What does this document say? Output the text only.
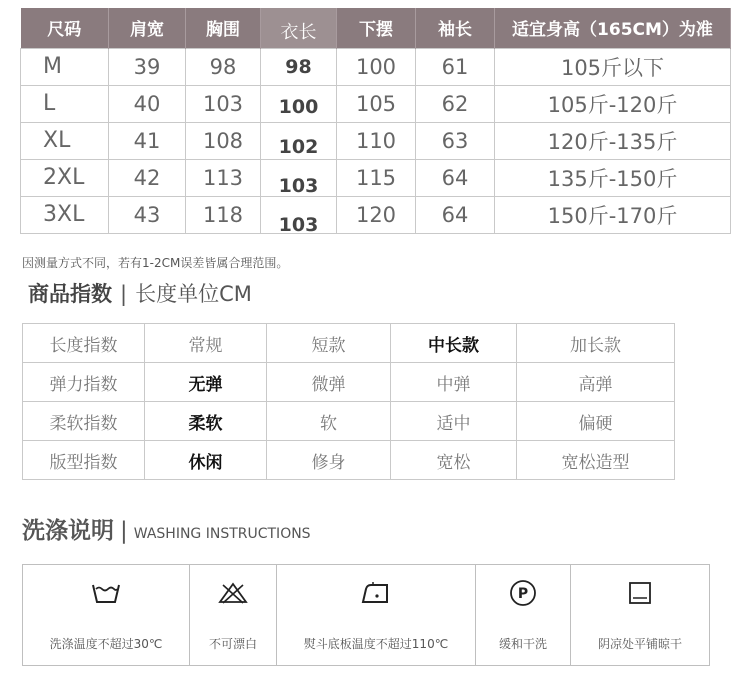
尺码	肩宽	胸围	衣长	下摆	袖长	适宜身高（165CM）为准
M	39	98	98	100	61	105斤以下
L	40	103	100	105	62	105斤-120斤
XL	41	108	102	110	63	120斤-135斤
2XL	42	113	103	115	64	135斤-150斤
3XL	43	118	103	120	64	150斤-170斤
因测量方式不同，若有1-2CM误差皆属合理范围。
商品指数 | 长度单位CM
长度指数	常规	短款	中长款	加长款
弹力指数	无弹	微弹	中弹	高弹
柔软指数	柔软	软	适中	偏硬
版型指数	休闲	修身	宽松	宽松造型
洗涤说明 | WASHING INSTRUCTIONS
洗涤温度不超过30℃	不可漂白	熨斗底板温度不超过110℃
P
缓和干洗	阴凉处平铺晾干
